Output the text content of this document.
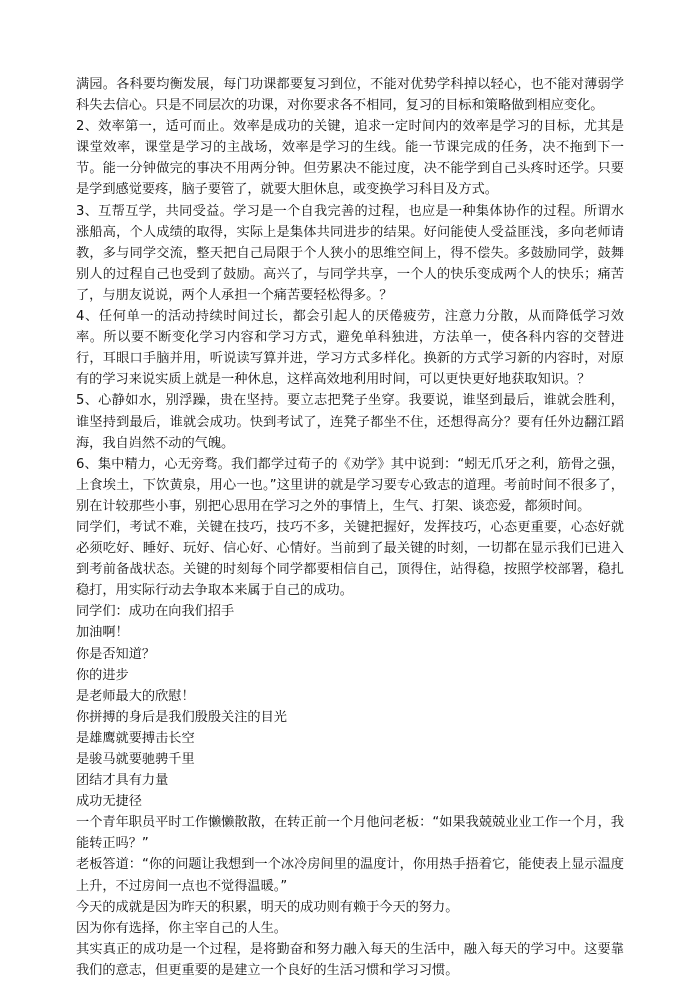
满园。各科要均衡发展，每门功课都要复习到位，不能对优势学科掉以轻心，也不能对薄弱学科失去信心。只是不同层次的功课，对你要求各不相同，复习的目标和策略做到相应变化。

2、效率第一，适可而止。效率是成功的关键，追求一定时间内的效率是学习的目标，尤其是课堂效率，课堂是学习的主战场，效率是学习的生线。能一节课完成的任务，决不拖到下一节。能一分钟做完的事决不用两分钟。但劳累决不能过度，决不能学到自己头疼时还学。只要是学到感觉要疼，脑子要管了，就要大胆休息，或变换学习科目及方式。

3、互帮互学，共同受益。学习是一个自我完善的过程，也应是一种集体协作的过程。所谓水涨船高，个人成绩的取得，实际上是集体共同进步的结果。好问能使人受益匪浅，多向老师请教，多与同学交流，整天把自己局限于个人狭小的思维空间上，得不偿失。多鼓励同学，鼓舞别人的过程自己也受到了鼓励。高兴了，与同学共享，一个人的快乐变成两个人的快乐；痛苦了，与朋友说说，两个人承担一个痛苦要轻松得多。？

4、任何单一的活动持续时间过长，都会引起人的厌倦疲劳，注意力分散，从而降低学习效率。所以要不断变化学习内容和学习方式，避免单科独进，方法单一，使各科内容的交替进行，耳眼口手脑并用，听说读写算并进，学习方式多样化。换新的方式学习新的内容时，对原有的学习来说实质上就是一种休息，这样高效地利用时间，可以更快更好地获取知识。？

5、心静如水，别浮躁，贵在坚持。要立志把凳子坐穿。我要说，谁坚到最后，谁就会胜利，谁坚持到最后，谁就会成功。快到考试了，连凳子都坐不住，还想得高分？要有任外边翻江蹈海，我自岿然不动的气魄。

6、集中精力，心无旁骛。我们都学过荀子的《劝学》其中说到：“蚓无爪牙之利，筋骨之强，上食埃土，下饮黄泉，用心一也。”这里讲的就是学习要专心致志的道理。考前时间不很多了，别在计较那些小事，别把心思用在学习之外的事情上，生气、打架、谈恋爱，都须时间。

同学们，考试不难，关键在技巧，技巧不多，关键把握好，发挥技巧，心态更重要，心态好就必须吃好、睡好、玩好、信心好、心情好。当前到了最关键的时刻，一切都在显示我们已进入到考前备战状态。关键的时刻每个同学都要相信自己，顶得住，站得稳，按照学校部署，稳扎稳打，用实际行动去争取本来属于自己的成功。

同学们：成功在向我们招手

加油啊！

你是否知道？

你的进步

是老师最大的欣慰！

你拼搏的身后是我们殷殷关注的目光

是雄鹰就要搏击长空

是骏马就要驰骋千里

团结才具有力量

成功无捷径

一个青年职员平时工作懒懒散散，在转正前一个月他问老板：“如果我兢兢业业工作一个月，我能转正吗？”

老板答道：“你的问题让我想到一个冰冷房间里的温度计，你用热手捂着它，能使表上显示温度上升，不过房间一点也不觉得温暖。”

今天的成就是因为昨天的积累，明天的成功则有赖于今天的努力。

因为你有选择，你主宰自己的人生。

其实真正的成功是一个过程，是将勤奋和努力融入每天的生活中，融入每天的学习中。这要靠我们的意志，但更重要的是建立一个良好的生活习惯和学习习惯。
